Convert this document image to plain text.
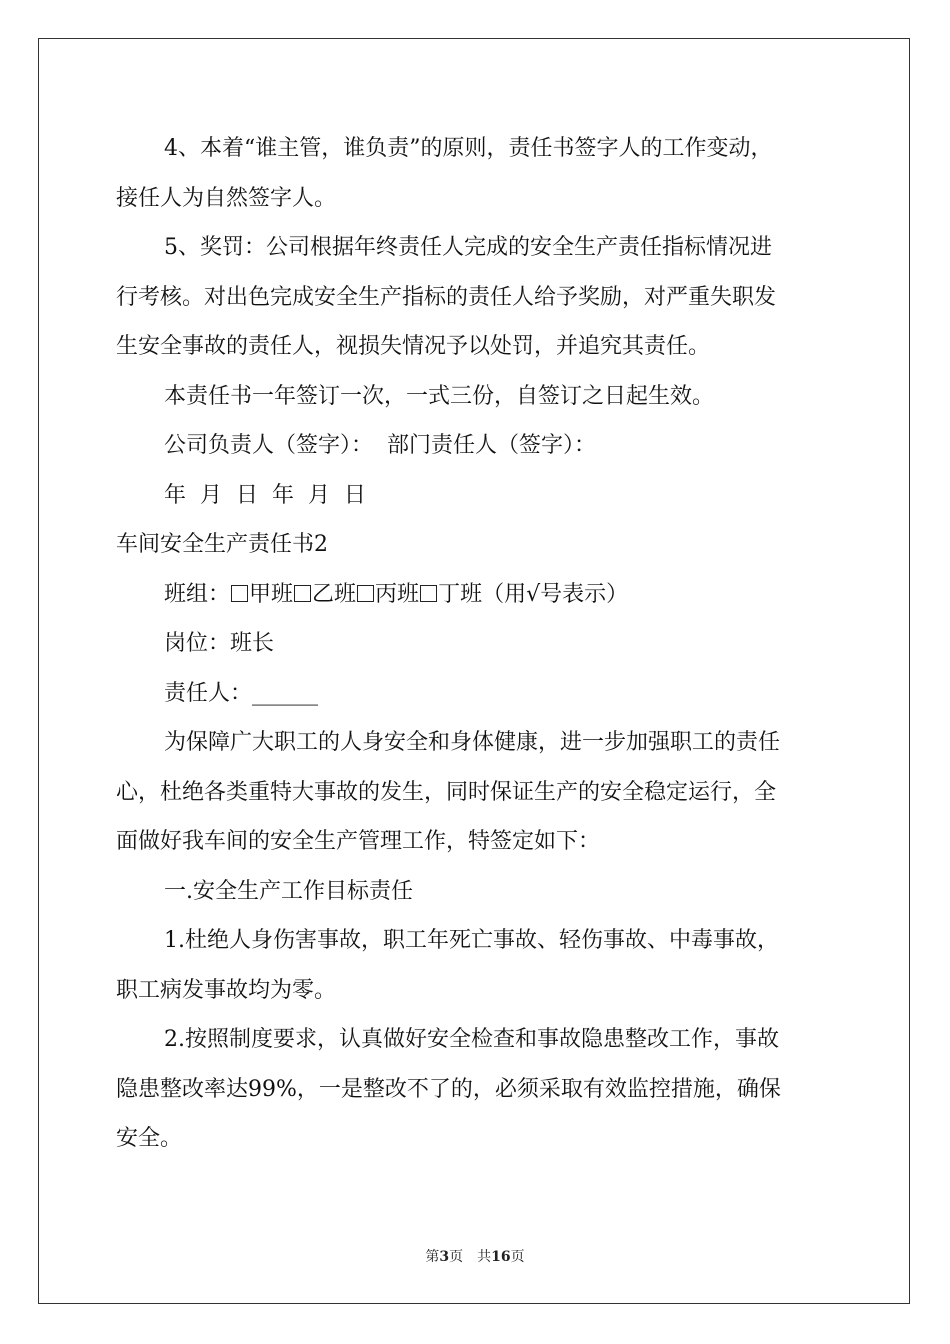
4、本着“谁主管，谁负责”的原则，责任书签字人的工作变动，
接任人为自然签字人。

5、奖罚：公司根据年终责任人完成的安全生产责任指标情况进
行考核。对出色完成安全生产指标的责任人给予奖励，对严重失职发
生安全事故的责任人，视损失情况予以处罚，并追究其责任。

本责任书一年签订一次，一式三份，自签订之日起生效。

公司负责人（签字）：  部门责任人（签字）：

年  月  日  年  月  日

车间安全生产责任书2

班组： 甲班 乙班 丙班 丁班（用√号表示）

岗位：班长

责任人：______

为保障广大职工的人身安全和身体健康，进一步加强职工的责任
心，杜绝各类重特大事故的发生，同时保证生产的安全稳定运行，全
面做好我车间的安全生产管理工作，特签定如下：

一.安全生产工作目标责任

1.杜绝人身伤害事故，职工年死亡事故、轻伤事故、中毒事故，
职工病发事故均为零。

2.按照制度要求，认真做好安全检查和事故隐患整改工作，事故
隐患整改率达99%，一是整改不了的，必须采取有效监控措施，确保
安全。

第3页 共16页
